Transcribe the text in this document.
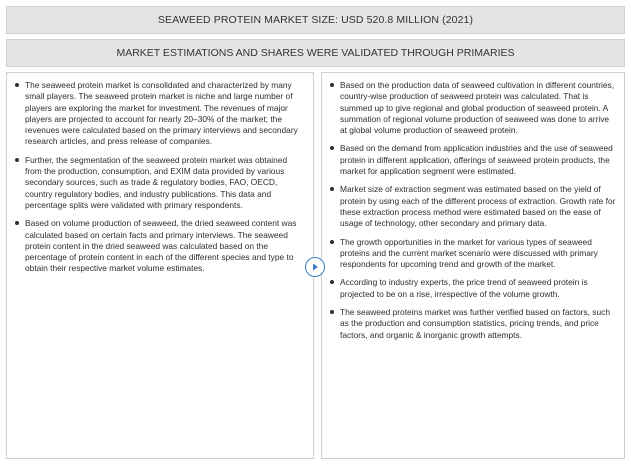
SEAWEED PROTEIN MARKET SIZE: USD 520.8 MILLION (2021)
MARKET ESTIMATIONS AND SHARES WERE VALIDATED THROUGH PRIMARIES
The seaweed protein market is consolidated and characterized by many small players. The seaweed protein market is niche and large number of players are exploring the market for investment. The revenues of major players are projected to account for nearly 20–30% of the market; the revenues were calculated based on the primary interviews and secondary research articles, and press release of companies.
Further, the segmentation of the seaweed protein market was obtained from the production, consumption, and EXIM data provided by various secondary sources, such as trade & regulatory bodies, FAO, OECD, country regulatory bodies, and industry publications. This data and percentage splits were validated with primary respondents.
Based on volume production of seaweed, the dried seaweed content was calculated based on certain facts and primary interviews. The seaweed protein content in the dried seaweed was calculated based on the percentage of protein content in each of the different species and type to obtain their respective market volume estimates.
Based on the production data of seaweed cultivation in different countries, country-wise production of seaweed protein was calculated. That is summed up to give regional and global production of seaweed protein. A summation of regional volume production of seaweed was done to arrive at global volume production of seaweed protein.
Based on the demand from application industries and the use of seaweed protein in different application, offerings of seaweed protein products, the market for application segment were estimated.
Market size of extraction segment was estimated based on the yield of protein by using each of the different process of extraction. Growth rate for these extraction process method were estimated based on the ease of usage of technology, other secondary and primary data.
The growth opportunities in the market for various types of seaweed proteins and the current market scenario were discussed with primary respondents for upcoming trend and growth of the market.
According to industry experts, the price trend of seaweed protein is projected to be on a rise, irrespective of the volume growth.
The seaweed proteins market was further verified based on factors, such as the production and consumption statistics, pricing trends, and price factors, and organic & inorganic growth attempts.
